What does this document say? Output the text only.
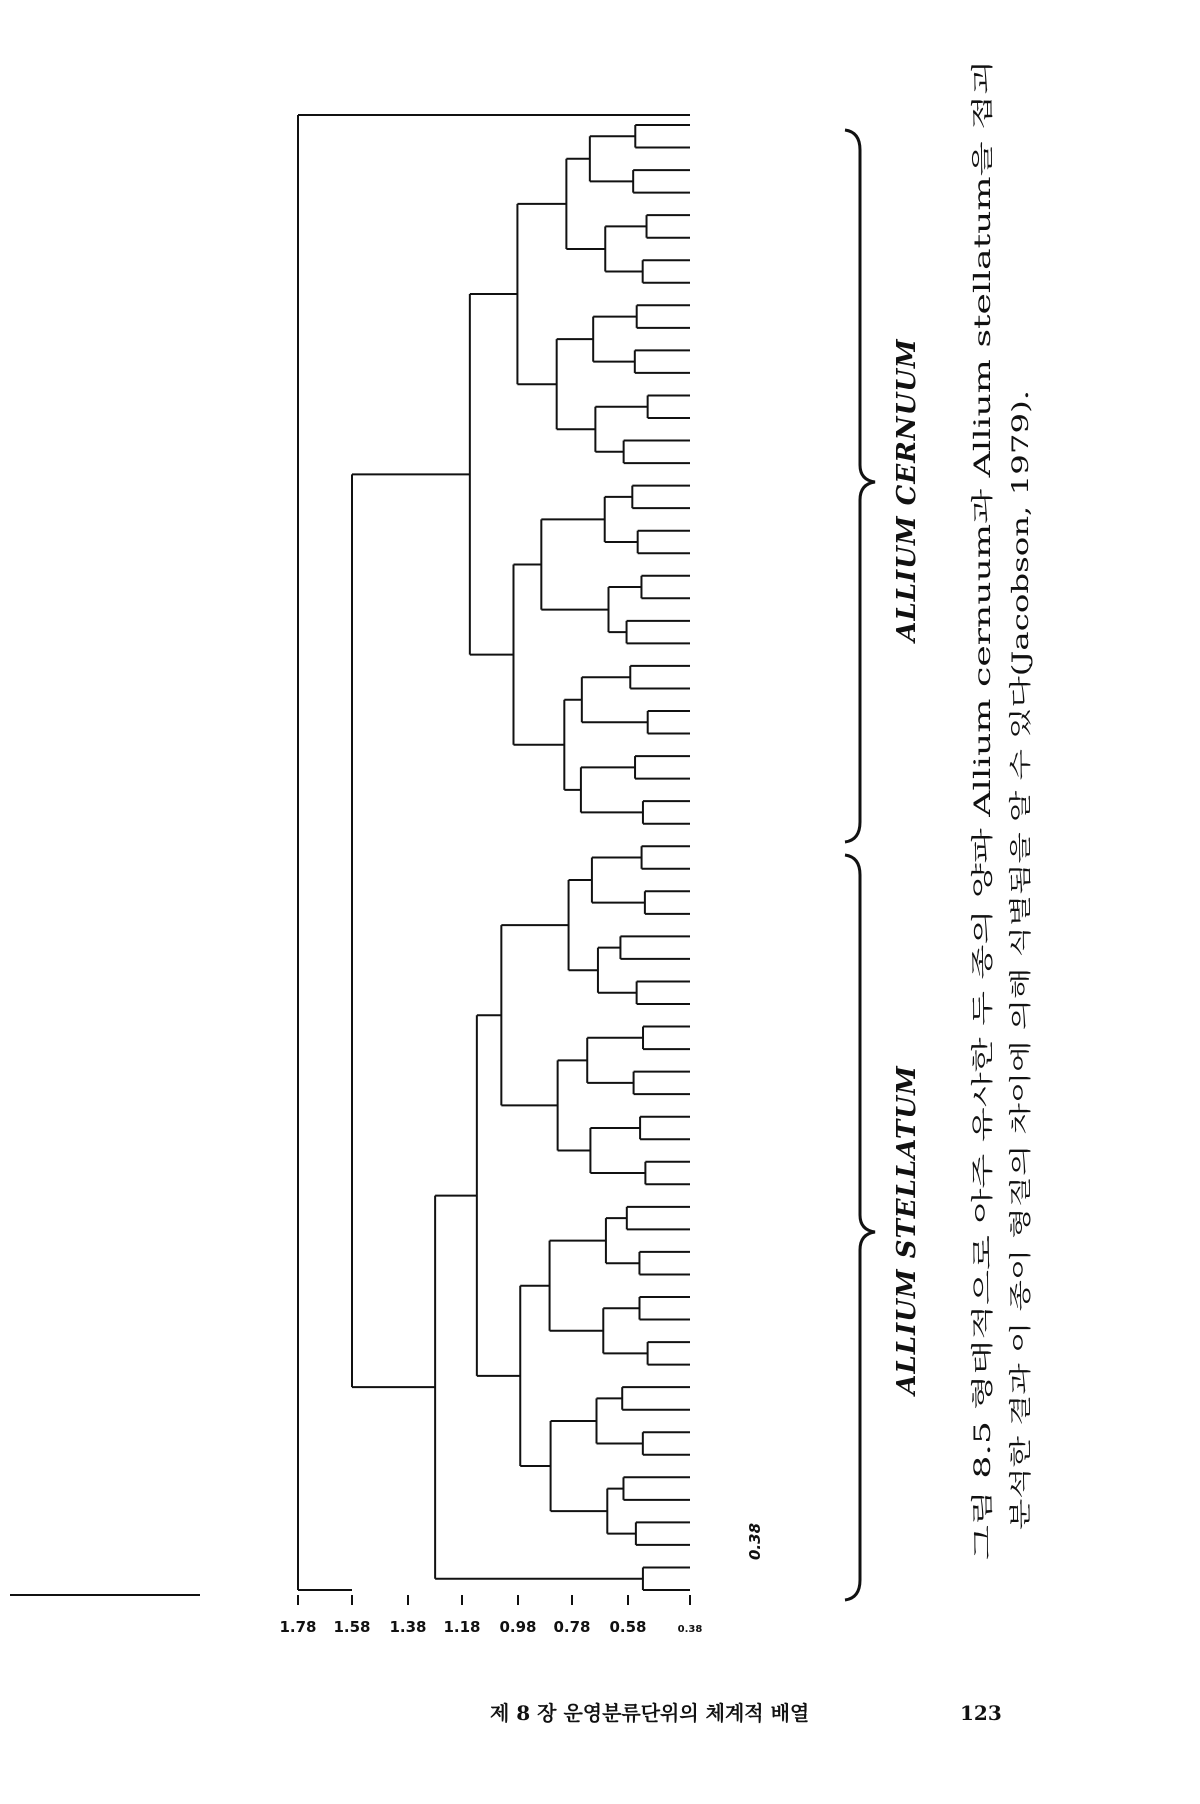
1.78 1.58 1.38 1.18 0.98 0.78 0.58	0.38
0.38
ALLIUM CERNUUM
ALLIUM STELLATUM 그림 8.5 형태적으로 아주 유사한 두 종의 양파 Allium cernuum과 Allium stellatum을 접괴 분석한 결과 이 종이 형질의 차이에 의해 식별됨을 알 수 있다(Jacobson, 1979).
제 8 장 운영분류단위의 체계적 배열	123
